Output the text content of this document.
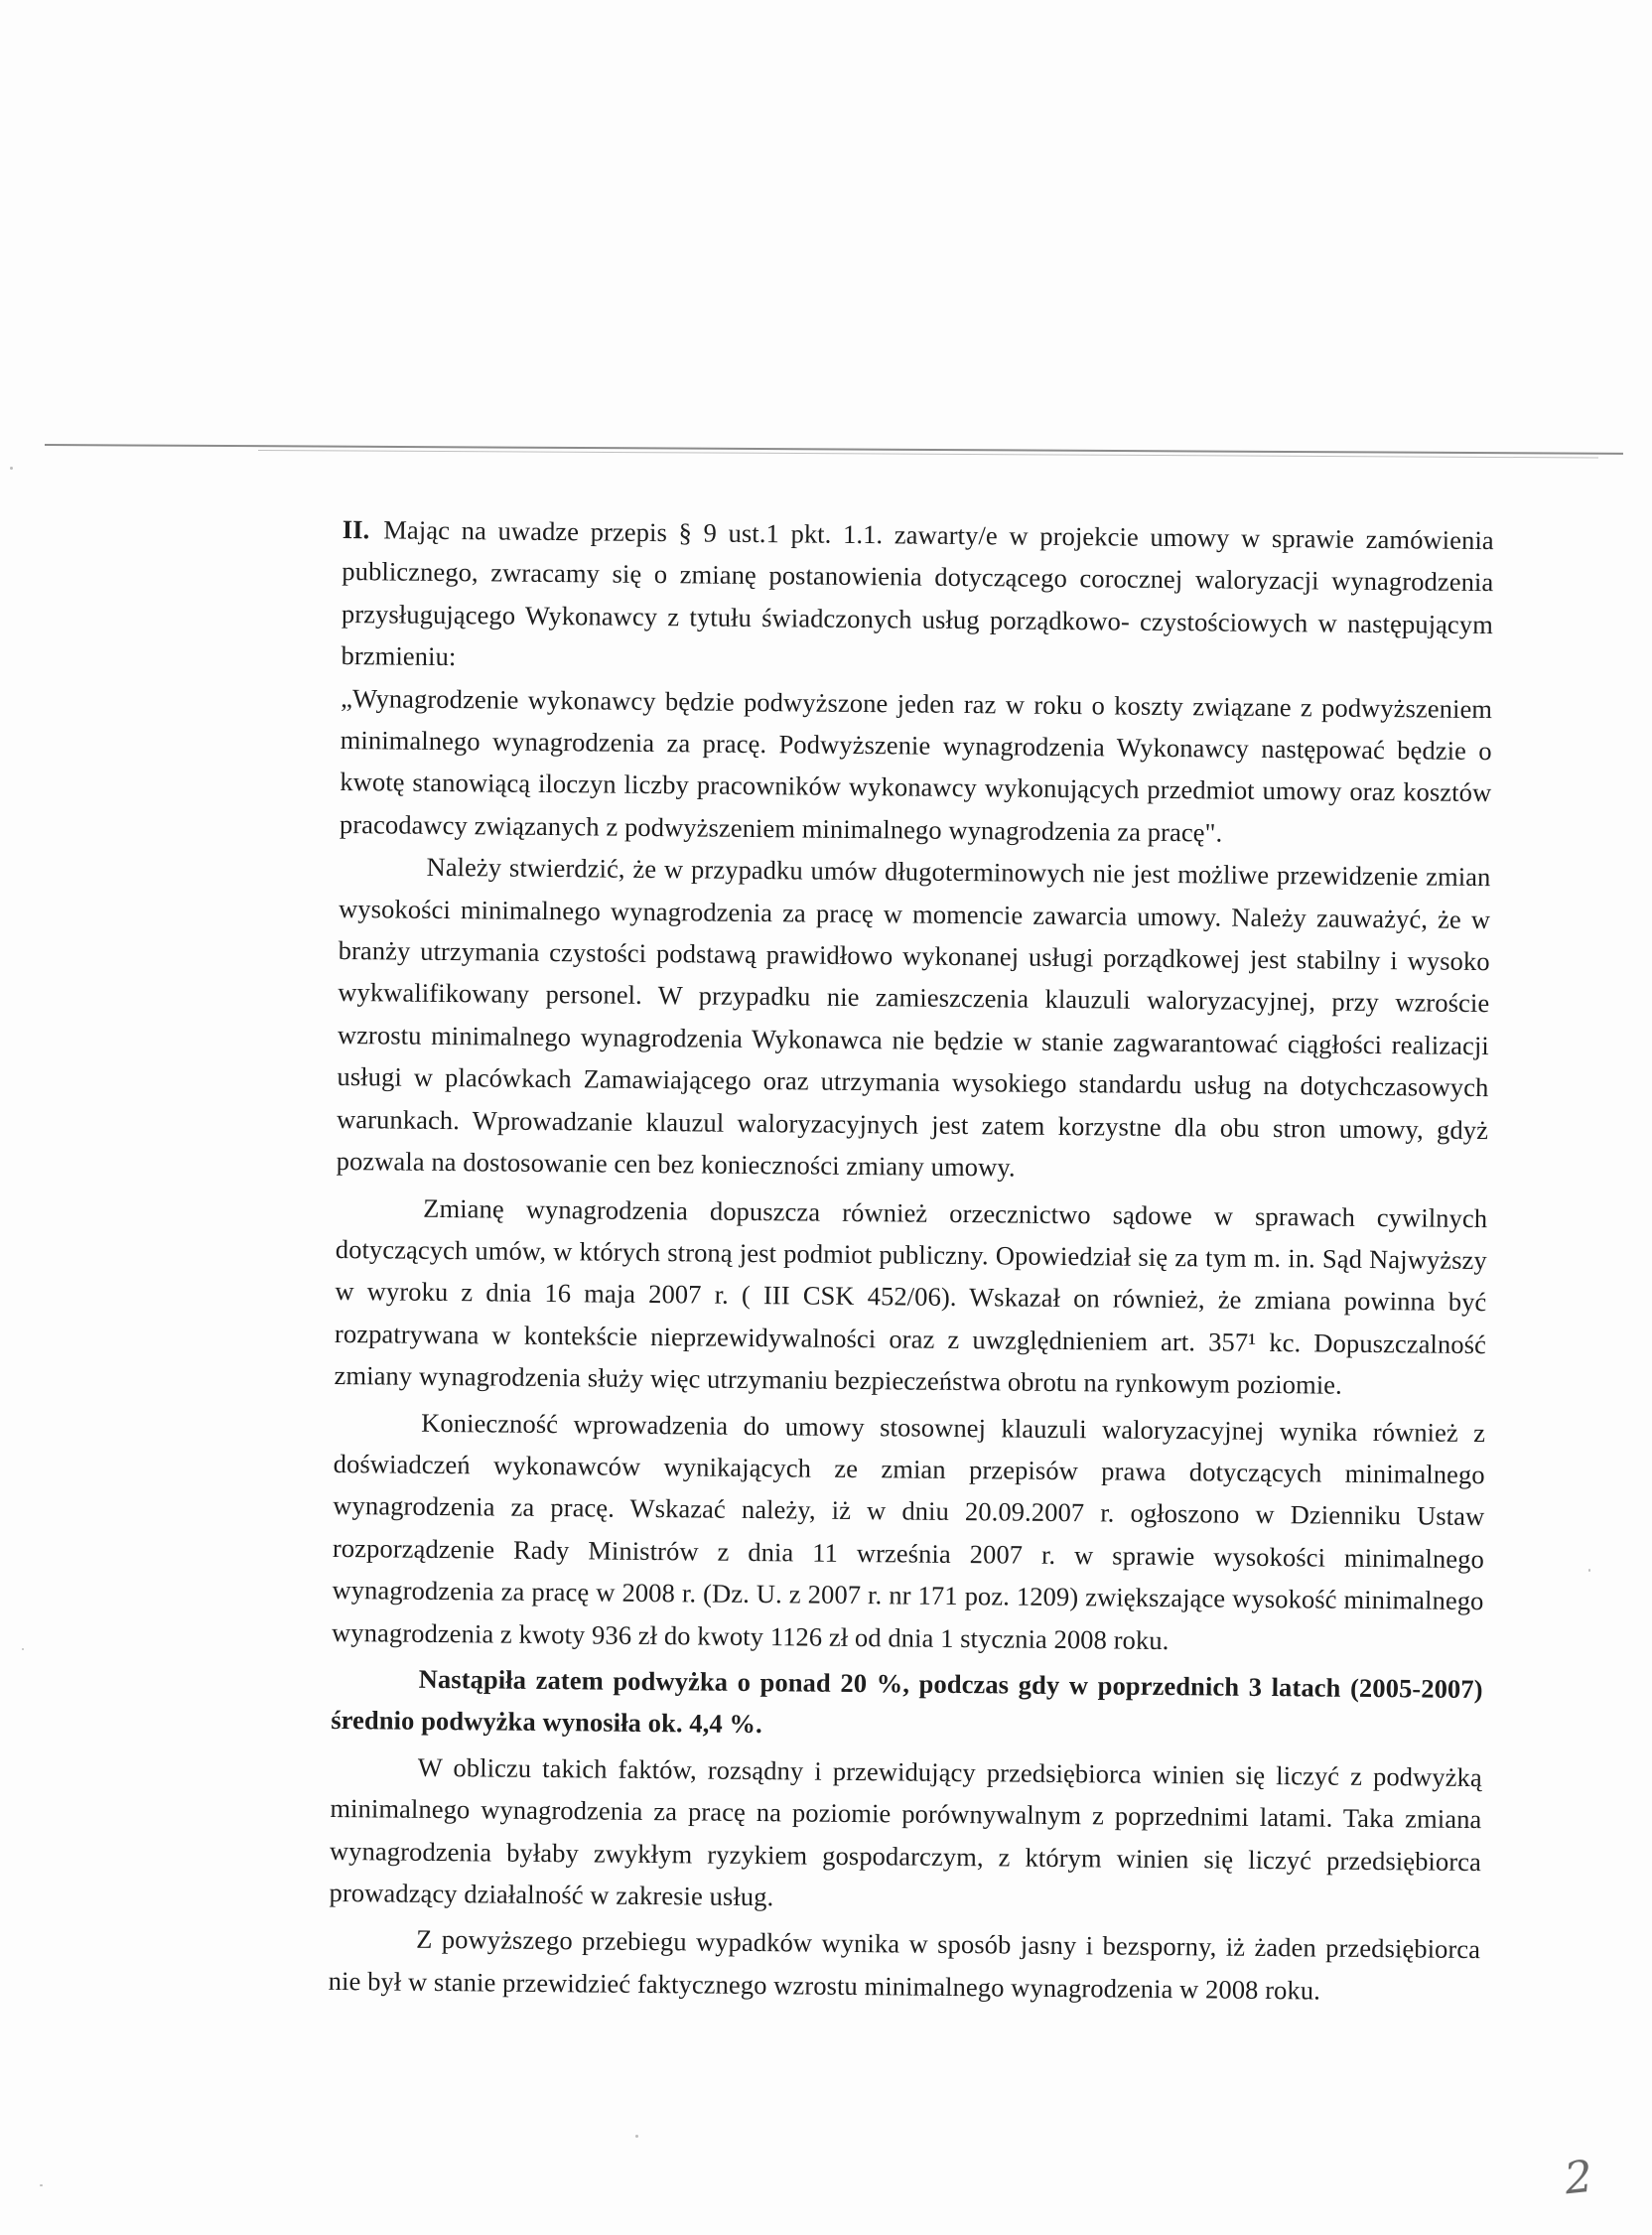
II. Mając na uwadze przepis § 9 ust.1 pkt. 1.1. zawarty/e w projekcie umowy w sprawie zamówienia publicznego, zwracamy się o zmianę postanowienia dotyczącego corocznej waloryzacji wynagrodzenia przysługującego Wykonawcy z tytułu świadczonych usług porządkowo- czystościowych w następującym brzmieniu:

„Wynagrodzenie wykonawcy będzie podwyższone jeden raz w roku o koszty związane z podwyższeniem minimalnego wynagrodzenia za pracę. Podwyższenie wynagrodzenia Wykonawcy następować będzie o kwotę stanowiącą iloczyn liczby pracowników wykonawcy wykonujących przedmiot umowy oraz kosztów pracodawcy związanych z podwyższeniem minimalnego wynagrodzenia za pracę".

Należy stwierdzić, że w przypadku umów długoterminowych nie jest możliwe przewidzenie zmian wysokości minimalnego wynagrodzenia za pracę w momencie zawarcia umowy. Należy zauważyć, że w branży utrzymania czystości podstawą prawidłowo wykonanej usługi porządkowej jest stabilny i wysoko wykwalifikowany personel. W przypadku nie zamieszczenia klauzuli waloryzacyjnej, przy wzroście wzrostu minimalnego wynagrodzenia Wykonawca nie będzie w stanie zagwarantować ciągłości realizacji usługi w placówkach Zamawiającego oraz utrzymania wysokiego standardu usług na dotychczasowych warunkach. Wprowadzanie klauzul waloryzacyjnych jest zatem korzystne dla obu stron umowy, gdyż pozwala na dostosowanie cen bez konieczności zmiany umowy.

Zmianę wynagrodzenia dopuszcza również orzecznictwo sądowe w sprawach cywilnych dotyczących umów, w których stroną jest podmiot publiczny. Opowiedział się za tym m. in. Sąd Najwyższy w wyroku z dnia 16 maja 2007 r. ( III CSK 452/06). Wskazał on również, że zmiana powinna być rozpatrywana w kontekście nieprzewidywalności oraz z uwzględnieniem art. 357¹ kc. Dopuszczalność zmiany wynagrodzenia służy więc utrzymaniu bezpieczeństwa obrotu na rynkowym poziomie.

Konieczność wprowadzenia do umowy stosownej klauzuli waloryzacyjnej wynika również z doświadczeń wykonawców wynikających ze zmian przepisów prawa dotyczących minimalnego wynagrodzenia za pracę. Wskazać należy, iż w dniu 20.09.2007 r. ogłoszono w Dzienniku Ustaw rozporządzenie Rady Ministrów z dnia 11 września 2007 r. w sprawie wysokości minimalnego wynagrodzenia za pracę w 2008 r. (Dz. U. z 2007 r. nr 171 poz. 1209) zwiększające wysokość minimalnego wynagrodzenia z kwoty 936 zł do kwoty 1126 zł od dnia 1 stycznia 2008 roku.

Nastąpiła zatem podwyżka o ponad 20 %, podczas gdy w poprzednich 3 latach (2005-2007) średnio podwyżka wynosiła ok. 4,4 %.

W obliczu takich faktów, rozsądny i przewidujący przedsiębiorca winien się liczyć z podwyżką minimalnego wynagrodzenia za pracę na poziomie porównywalnym z poprzednimi latami. Taka zmiana wynagrodzenia byłaby zwykłym ryzykiem gospodarczym, z którym winien się liczyć przedsiębiorca prowadzący działalność w zakresie usług.

Z powyższego przebiegu wypadków wynika w sposób jasny i bezsporny, iż żaden przedsiębiorca nie był w stanie przewidzieć faktycznego wzrostu minimalnego wynagrodzenia w 2008 roku.

2
